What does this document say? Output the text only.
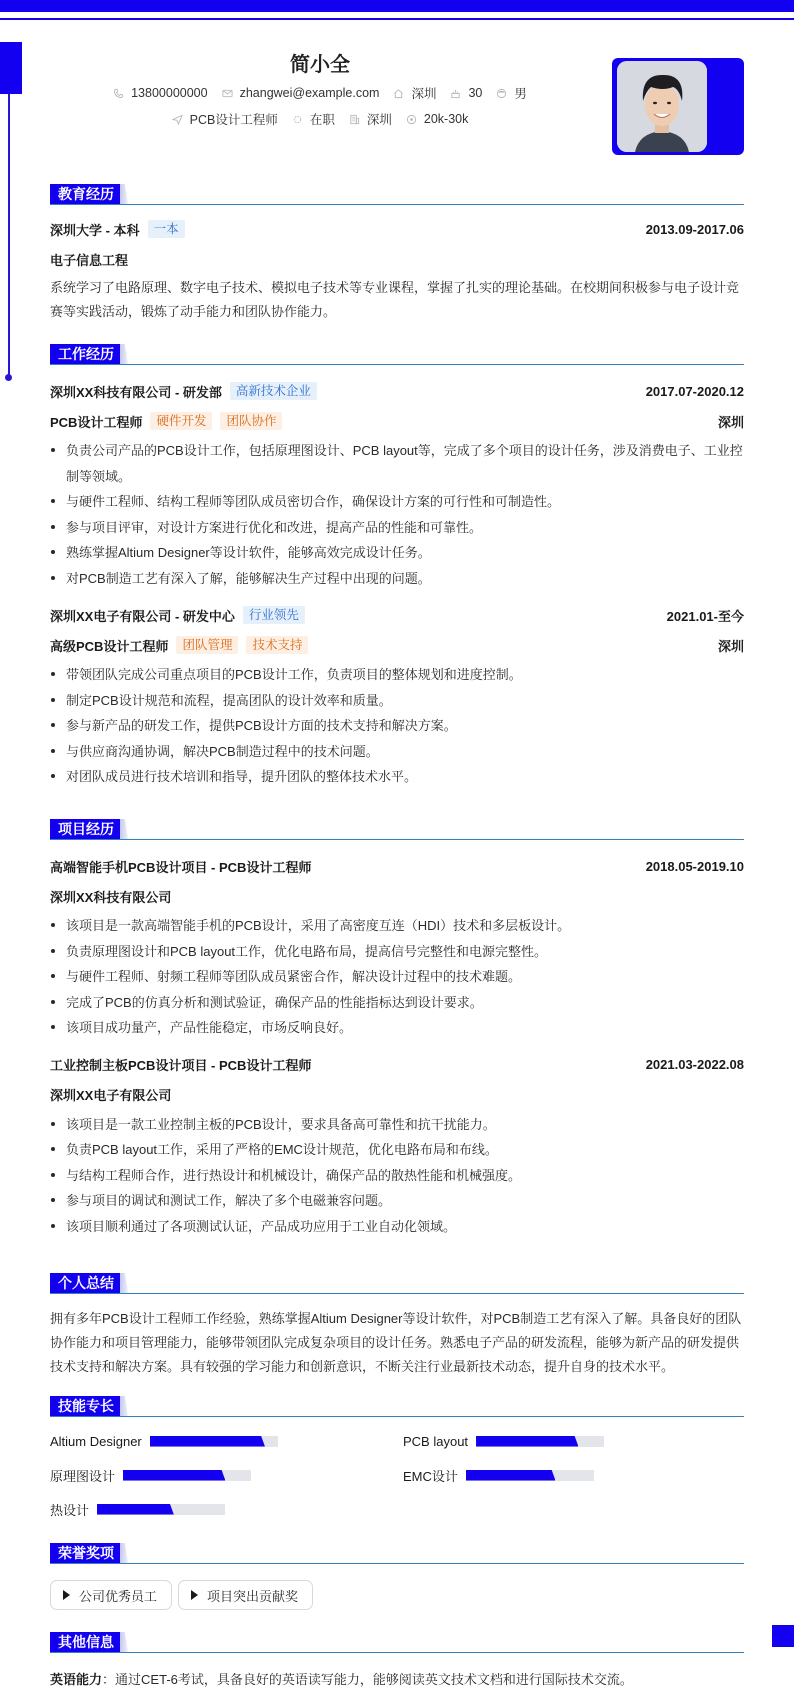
简小全
13800000000	zhangwei@example.com	深圳	30	男
PCB设计工程师	在职	深圳	20k-30k
教育经历
深圳大学 - 本科	一本	2013.09-2017.06
电子信息工程
系统学习了电路原理、数字电子技术、模拟电子技术等专业课程，掌握了扎实的理论基础。在校期间积极参与电子设计竞赛等实践活动，锻炼了动手能力和团队协作能力。
工作经历
深圳XX科技有限公司 - 研发部	高新技术企业	2017.07-2020.12
PCB设计工程师	硬件开发	团队协作	深圳
负责公司产品的PCB设计工作，包括原理图设计、PCB layout等，完成了多个项目的设计任务，涉及消费电子、工业控制等领域。
与硬件工程师、结构工程师等团队成员密切合作，确保设计方案的可行性和可制造性。
参与项目评审，对设计方案进行优化和改进，提高产品的性能和可靠性。
熟练掌握Altium Designer等设计软件，能够高效完成设计任务。
对PCB制造工艺有深入了解，能够解决生产过程中出现的问题。
深圳XX电子有限公司 - 研发中心	行业领先	2021.01-至今
高级PCB设计工程师	团队管理	技术支持	深圳
带领团队完成公司重点项目的PCB设计工作，负责项目的整体规划和进度控制。
制定PCB设计规范和流程，提高团队的设计效率和质量。
参与新产品的研发工作，提供PCB设计方面的技术支持和解决方案。
与供应商沟通协调，解决PCB制造过程中的技术问题。
对团队成员进行技术培训和指导，提升团队的整体技术水平。
项目经历
高端智能手机PCB设计项目 - PCB设计工程师	2018.05-2019.10
深圳XX科技有限公司
该项目是一款高端智能手机的PCB设计，采用了高密度互连（HDI）技术和多层板设计。
负责原理图设计和PCB layout工作，优化电路布局，提高信号完整性和电源完整性。
与硬件工程师、射频工程师等团队成员紧密合作，解决设计过程中的技术难题。
完成了PCB的仿真分析和测试验证，确保产品的性能指标达到设计要求。
该项目成功量产，产品性能稳定，市场反响良好。
工业控制主板PCB设计项目 - PCB设计工程师	2021.03-2022.08
深圳XX电子有限公司
该项目是一款工业控制主板的PCB设计，要求具备高可靠性和抗干扰能力。
负责PCB layout工作，采用了严格的EMC设计规范，优化电路布局和布线。
与结构工程师合作，进行热设计和机械设计，确保产品的散热性能和机械强度。
参与项目的调试和测试工作，解决了多个电磁兼容问题。
该项目顺利通过了各项测试认证，产品成功应用于工业自动化领域。
个人总结
拥有多年PCB设计工程师工作经验，熟练掌握Altium Designer等设计软件，对PCB制造工艺有深入了解。具备良好的团队协作能力和项目管理能力，能够带领团队完成复杂项目的设计任务。熟悉电子产品的研发流程，能够为新产品的研发提供技术支持和解决方案。具有较强的学习能力和创新意识，不断关注行业最新技术动态，提升自身的技术水平。
技能专长
Altium Designer	PCB layout
原理图设计	EMC设计
热设计
荣誉奖项
公司优秀员工	项目突出贡献奖
其他信息
英语能力：通过CET-6考试，具备良好的英语读写能力，能够阅读英文技术文档和进行国际技术交流。
